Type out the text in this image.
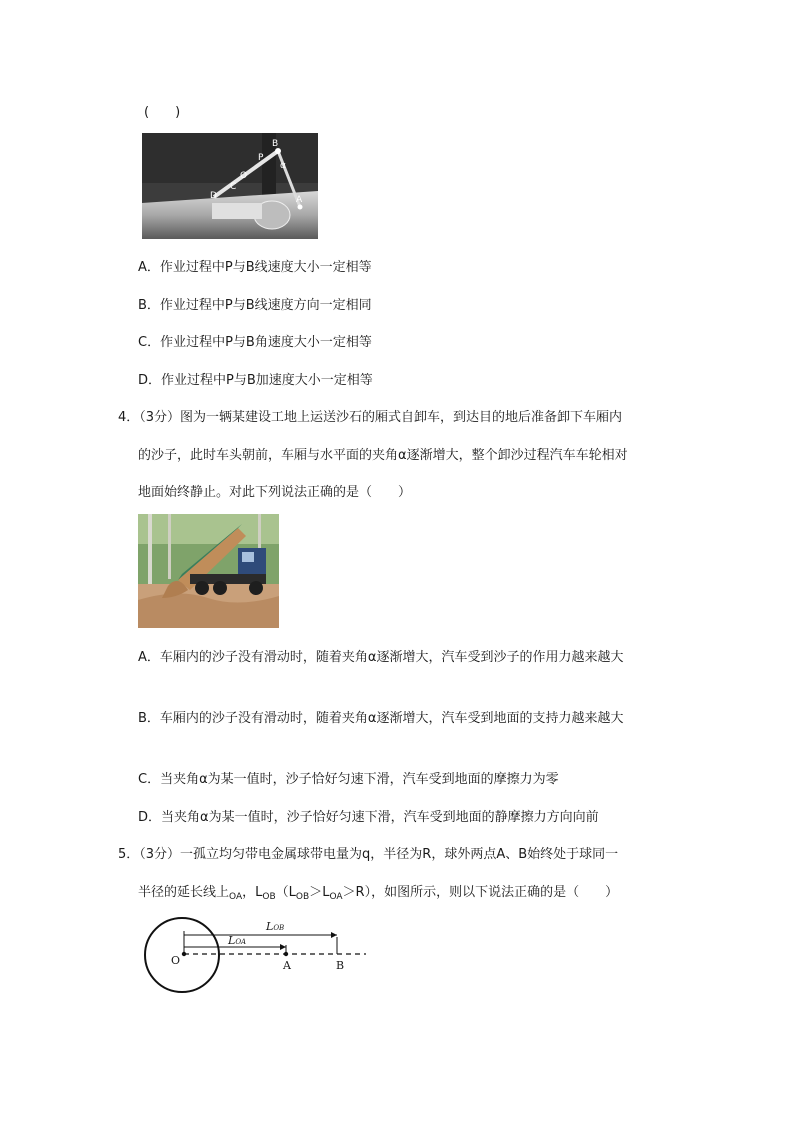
(　　)
B
P
α
O
C
D	A
A．作业过程中P与B线速度大小一定相等
B．作业过程中P与B线速度方向一定相同
C．作业过程中P与B角速度大小一定相等
D．作业过程中P与B加速度大小一定相等
4．（3分）图为一辆某建设工地上运送沙石的厢式自卸车，到达目的地后准备卸下车厢内
的沙子，此时车头朝前，车厢与水平面的夹角α逐渐增大，整个卸沙过程汽车车轮相对
地面始终静止。对此下列说法正确的是（　　）
A．车厢内的沙子没有滑动时，随着夹角α逐渐增大，汽车受到沙子的作用力越来越大
B．车厢内的沙子没有滑动时，随着夹角α逐渐增大，汽车受到地面的支持力越来越大
C．当夹角α为某一值时，沙子恰好匀速下滑，汽车受到地面的摩擦力为零
D．当夹角α为某一值时，沙子恰好匀速下滑，汽车受到地面的静摩擦力方向向前
5．（3分）一孤立均匀带电金属球带电量为q，半径为R，球外两点A、B始终处于球同一
半径的延长线上$_{OA}$，$L_{OB}(L_{OB}>L_{OA}>R)$，如图所示，则以下说法正确的是（　　）
O	A	B
LOB
LOA
